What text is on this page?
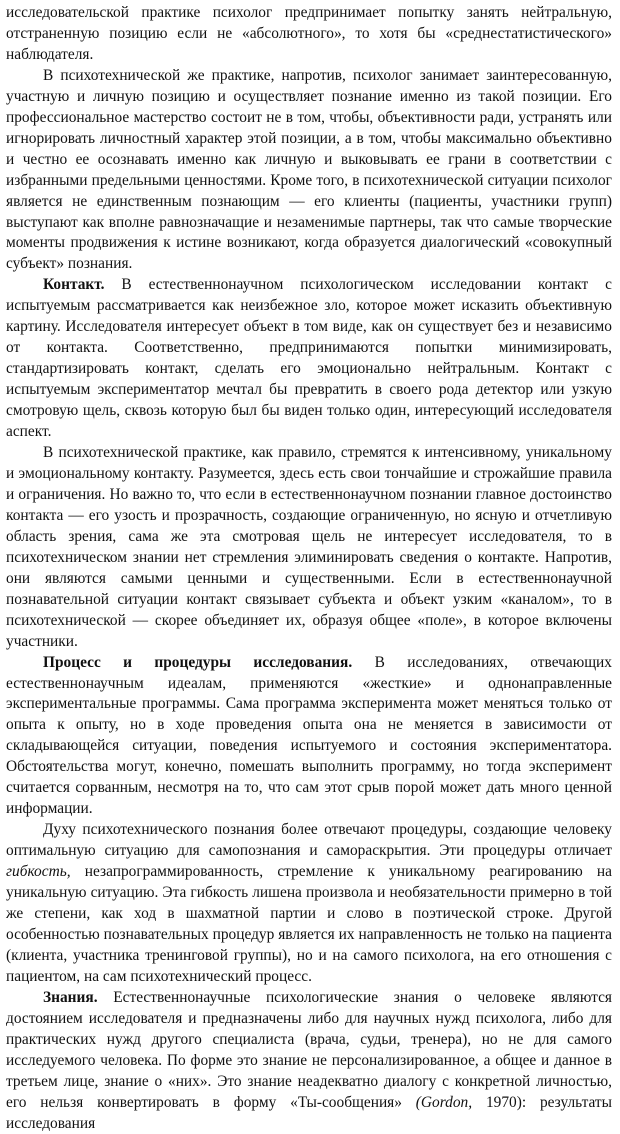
исследовательской практике психолог предпринимает попытку занять нейтральную, отстраненную позицию если не «абсолютного», то хотя бы «среднестатистического» наблюдателя.

В психотехнической же практике, напротив, психолог занимает заинтересованную, участную и личную позицию и осуществляет познание именно из такой позиции. Его профессиональное мастерство состоит не в том, чтобы, объективности ради, устранять или игнорировать личностный характер этой позиции, а в том, чтобы максимально объективно и честно ее осознавать именно как личную и выковывать ее грани в соответствии с избранными предельными ценностями. Кроме того, в психотехнической ситуации психолог является не единственным познающим — его клиенты (пациенты, участники групп) выступают как вполне равнозначащие и незаменимые партнеры, так что самые творческие моменты продвижения к истине возникают, когда образуется диалогический «совокупный субъект» познания.

Контакт. В естественнонаучном психологическом исследовании контакт с испытуемым рассматривается как неизбежное зло, которое может исказить объективную картину. Исследователя интересует объект в том виде, как он существует без и независимо от контакта. Соответственно, предпринимаются попытки минимизировать, стандартизировать контакт, сделать его эмоционально нейтральным. Контакт с испытуемым экспериментатор мечтал бы превратить в своего рода детектор или узкую смотровую щель, сквозь которую был бы виден только один, интересующий исследователя аспект.

В психотехнической практике, как правило, стремятся к интенсивному, уникальному и эмоциональному контакту. Разумеется, здесь есть свои тончайшие и строжайшие правила и ограничения. Но важно то, что если в естественнонаучном познании главное достоинство контакта — его узость и прозрачность, создающие ограниченную, но ясную и отчетливую область зрения, сама же эта смотровая щель не интересует исследователя, то в психотехническом знании нет стремления элиминировать сведения о контакте. Напротив, они являются самыми ценными и существенными. Если в естественнонаучной познавательной ситуации контакт связывает субъекта и объект узким «каналом», то в психотехнической — скорее объединяет их, образуя общее «поле», в которое включены участники.

Процесс и процедуры исследования. В исследованиях, отвечающих естественнонаучным идеалам, применяются «жесткие» и однонаправленные экспериментальные программы. Сама программа эксперимента может меняться только от опыта к опыту, но в ходе проведения опыта она не меняется в зависимости от складывающейся ситуации, поведения испытуемого и состояния экспериментатора. Обстоятельства могут, конечно, помешать выполнить программу, но тогда эксперимент считается сорванным, несмотря на то, что сам этот срыв порой может дать много ценной информации.

Духу психотехнического познания более отвечают процедуры, создающие человеку оптимальную ситуацию для самопознания и самораскрытия. Эти процедуры отличает гибкость, незапрограммированность, стремление к уникальному реагированию на уникальную ситуацию. Эта гибкость лишена произвола и необязательности примерно в той же степени, как ход в шахматной партии и слово в поэтической строке. Другой особенностью познавательных процедур является их направленность не только на пациента (клиента, участника тренинговой группы), но и на самого психолога, на его отношения с пациентом, на сам психотехнический процесс.

Знания. Естественнонаучные психологические знания о человеке являются достоянием исследователя и предназначены либо для научных нужд психолога, либо для практических нужд другого специалиста (врача, судьи, тренера), но не для самого исследуемого человека. По форме это знание не персонализированное, а общее и данное в третьем лице, знание о «них». Это знание неадекватно диалогу с конкретной личностью, его нельзя конвертировать в форму «Ты-сообщения» (Gordon, 1970): результаты исследования
